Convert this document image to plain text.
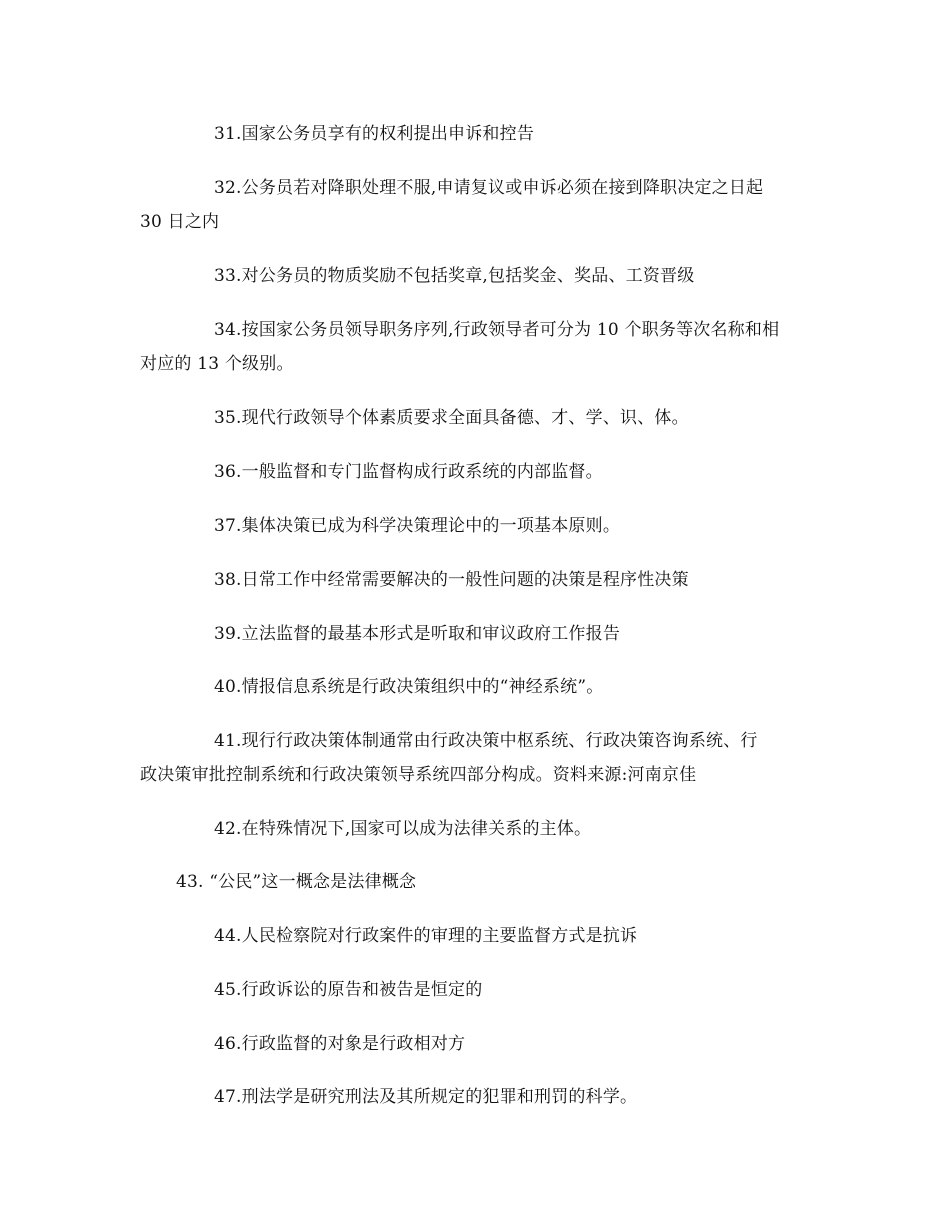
31.国家公务员享有的权利提出申诉和控告
32.公务员若对降职处理不服,申请复议或申诉必须在接到降职决定之日起
30 日之内
33.对公务员的物质奖励不包括奖章,包括奖金、奖品、工资晋级
34.按国家公务员领导职务序列,行政领导者可分为 10 个职务等次名称和相
对应的 13 个级别。
35.现代行政领导个体素质要求全面具备德、才、学、识、体。
36.一般监督和专门监督构成行政系统的内部监督。
37.集体决策已成为科学决策理论中的一项基本原则。
38.日常工作中经常需要解决的一般性问题的决策是程序性决策
39.立法监督的最基本形式是听取和审议政府工作报告
40.情报信息系统是行政决策组织中的“神经系统”。
41.现行行政决策体制通常由行政决策中枢系统、行政决策咨询系统、行
政决策审批控制系统和行政决策领导系统四部分构成。资料来源:河南京佳
42.在特殊情况下,国家可以成为法律关系的主体。
43. “公民”这一概念是法律概念
44.人民检察院对行政案件的审理的主要监督方式是抗诉
45.行政诉讼的原告和被告是恒定的
46.行政监督的对象是行政相对方
47.刑法学是研究刑法及其所规定的犯罪和刑罚的科学。
